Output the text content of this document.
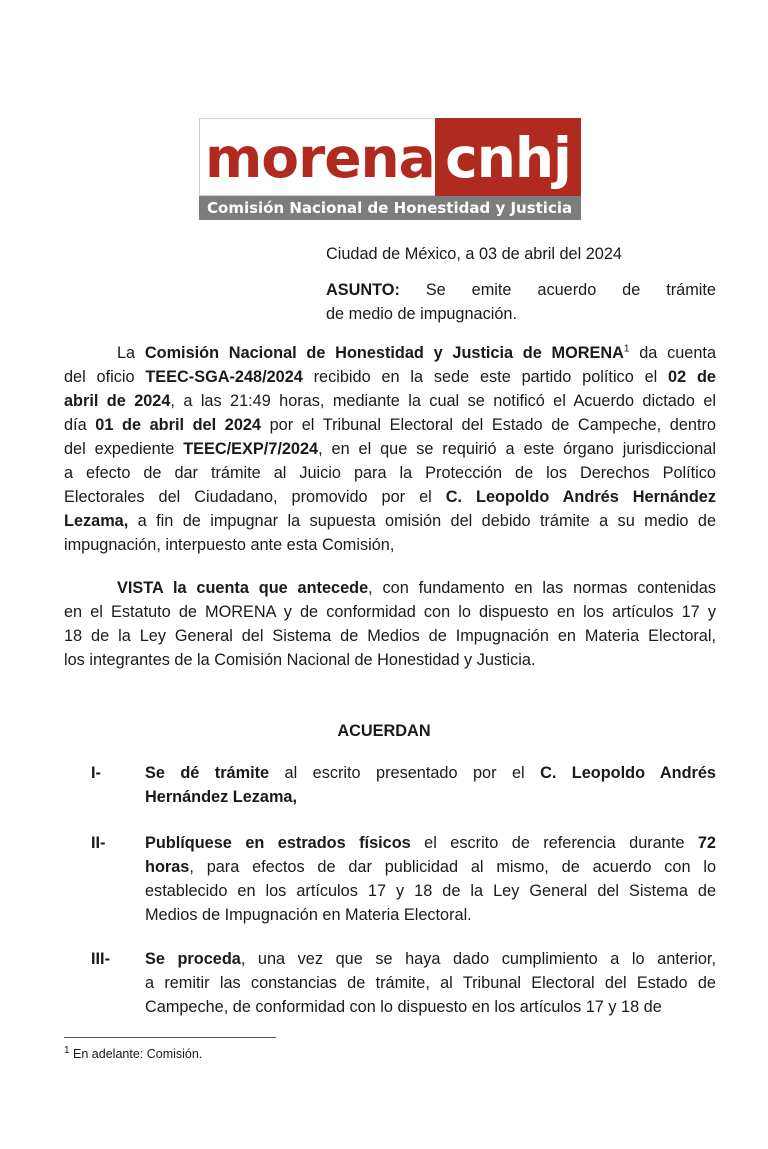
morena cnhj
Comisión Nacional de Honestidad y Justicia
Ciudad de México, a 03 de abril del 2024
ASUNTO: Se emite acuerdo de trámite
de medio de impugnación.
La Comisión Nacional de Honestidad y Justicia de MORENA$^1$ da cuenta
del oficio TEEC-SGA-248/2024 recibido en la sede este partido político el 02 de
abril de 2024, a las 21:49 horas, mediante la cual se notificó el Acuerdo dictado el
día 01 de abril del 2024 por el Tribunal Electoral del Estado de Campeche, dentro
del expediente TEEC/EXP/7/2024, en el que se requirió a este órgano jurisdiccional
a efecto de dar trámite al Juicio para la Protección de los Derechos Político
Electorales del Ciudadano, promovido por el C. Leopoldo Andrés Hernández
Lezama, a fin de impugnar la supuesta omisión del debido trámite a su medio de
impugnación, interpuesto ante esta Comisión,
VISTA la cuenta que antecede, con fundamento en las normas contenidas
en el Estatuto de MORENA y de conformidad con lo dispuesto en los artículos 17 y
18 de la Ley General del Sistema de Medios de Impugnación en Materia Electoral,
los integrantes de la Comisión Nacional de Honestidad y Justicia.
ACUERDAN
I-	Se dé trámite al escrito presentado por el C. Leopoldo Andrés
Hernández Lezama,
II- Publíquese en estrados físicos el escrito de referencia durante 72
horas, para efectos de dar publicidad al mismo, de acuerdo con lo
establecido en los artículos 17 y 18 de la Ley General del Sistema de
Medios de Impugnación en Materia Electoral.
III- Se proceda, una vez que se haya dado cumplimiento a lo anterior,
a remitir las constancias de trámite, al Tribunal Electoral del Estado de
Campeche, de conformidad con lo dispuesto en los artículos 17 y 18 de
$^1$ En adelante: Comisión.
